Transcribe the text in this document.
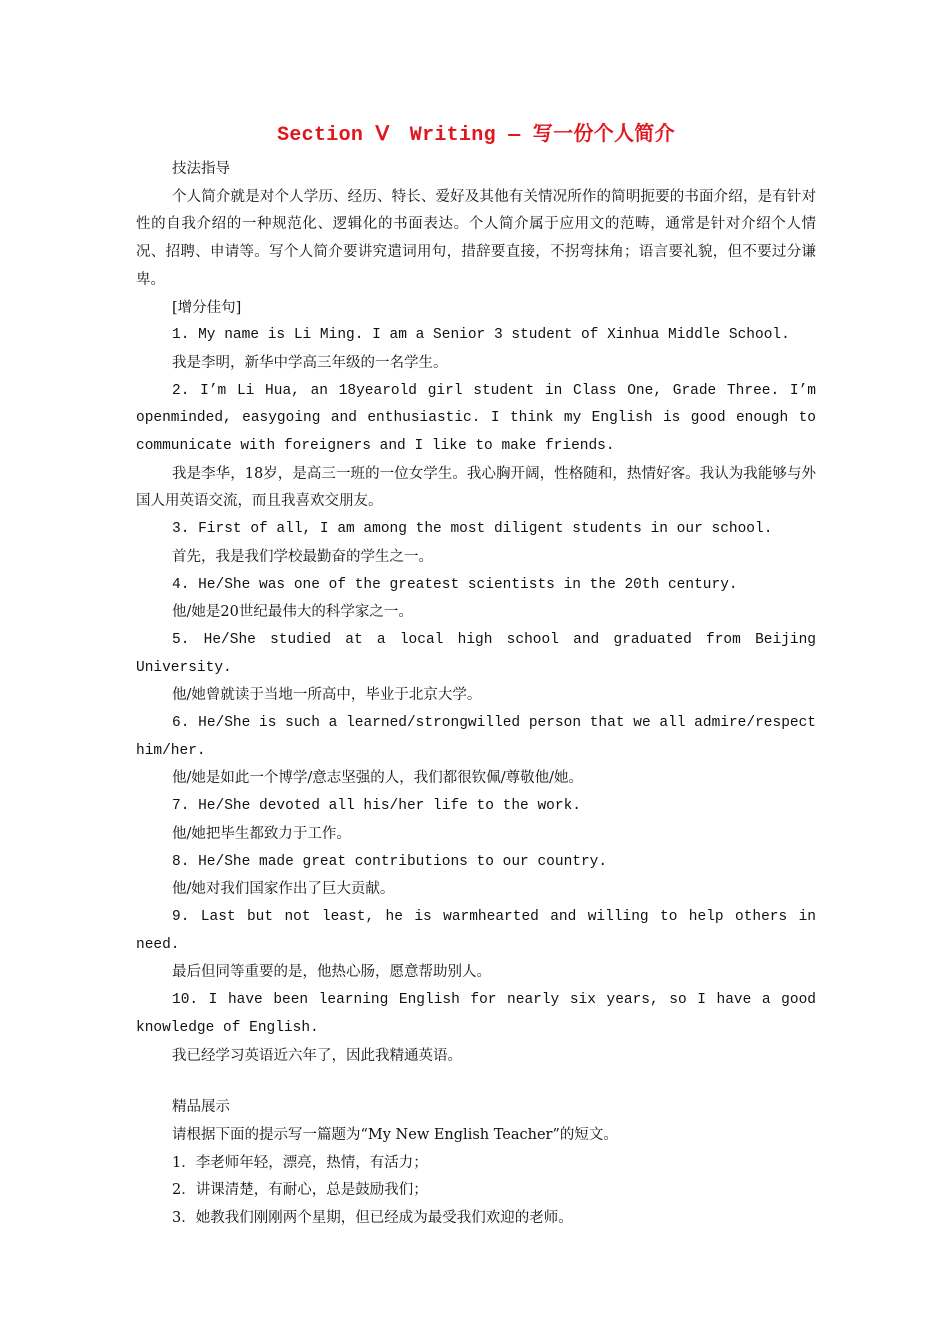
Section Ⅴ　Writing — 写一份个人简介

技法指导

个人简介就是对个人学历、经历、特长、爱好及其他有关情况所作的简明扼要的书面介绍，是有针对性的自我介绍的一种规范化、逻辑化的书面表达。个人简介属于应用文的范畴，通常是针对介绍个人情况、招聘、申请等。写个人简介要讲究遣词用句，措辞要直接，不拐弯抹角；语言要礼貌，但不要过分谦卑。

[增分佳句]

1. My name is Li Ming. I am a Senior 3 student of Xinhua Middle School.

我是李明，新华中学高三年级的一名学生。

2. I’m Li Hua, an 18yearold girl student in Class One, Grade Three. I’m openminded, easygoing and enthusiastic. I think my English is good enough to communicate with foreigners and I like to make friends.

我是李华，18岁，是高三一班的一位女学生。我心胸开阔，性格随和，热情好客。我认为我能够与外国人用英语交流，而且我喜欢交朋友。

3. First of all, I am among the most diligent students in our school.

首先，我是我们学校最勤奋的学生之一。

4. He/She was one of the greatest scientists in the 20th century.

他/她是20世纪最伟大的科学家之一。

5. He/She studied at a local high school and graduated from Beijing University.

他/她曾就读于当地一所高中，毕业于北京大学。

6. He/She is such a learned/strongwilled person that we all admire/respect him/her.

他/她是如此一个博学/意志坚强的人，我们都很钦佩/尊敬他/她。

7. He/She devoted all his/her life to the work.

他/她把毕生都致力于工作。

8. He/She made great contributions to our country.

他/她对我们国家作出了巨大贡献。

9. Last but not least, he is warmhearted and willing to help others in need.

最后但同等重要的是，他热心肠，愿意帮助别人。

10. I have been learning English for nearly six years, so I have a good knowledge of English.

我已经学习英语近六年了，因此我精通英语。

精品展示

请根据下面的提示写一篇题为“My New English Teacher”的短文。

1．李老师年轻，漂亮，热情，有活力；

2．讲课清楚，有耐心，总是鼓励我们；

3．她教我们刚刚两个星期，但已经成为最受我们欢迎的老师。
